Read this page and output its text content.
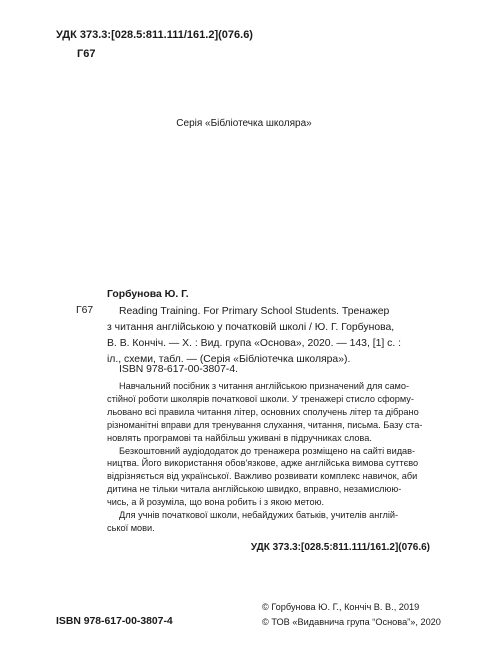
УДК 373.3:[028.5:811.111/161.2](076.6)
Г67
Серія «Бібліотечка школяра»
Горбунова Ю. Г.
Г67	Reading Training. For Primary School Students. Тренажер
з читання англійською у початковій школі / Ю. Г. Горбунова,
В. В. Кончіч. — Х. : Вид. група «Основа», 2020. — 143, [1] с. :
іл., схеми, табл. — (Серія «Бібліотечка школяра»).
ISBN 978-617-00-3807-4.
Навчальний посібник з читання англійською призначений для само-
стійної роботи школярів початкової школи. У тренажері стисло сформу-
льовано всі правила читання літер, основних сполучень літер та дібрано
різноманітні вправи для тренування слухання, читання, письма. Базу ста-
новлять програмові та найбільш уживані в підручниках слова.
Безкоштовний аудіододаток до тренажера розміщено на сайті видав-
ництва. Його використання обов'язкове, адже англійська вимова суттєво
відрізняється від української. Важливо розвивати комплекс навичок, аби
дитина не тільки читала англійською швидко, вправно, незамислюю-
чись, а й розуміла, що вона робить і з якою метою.
Для учнів початкової школи, небайдужих батьків, учителів англій-
ської мови.
УДК 373.3:[028.5:811.111/161.2](076.6)
ISBN 978-617-00-3807-4
© Горбунова Ю. Г., Кончіч В. В., 2019
© ТОВ «Видавнича група “Основа”», 2020
